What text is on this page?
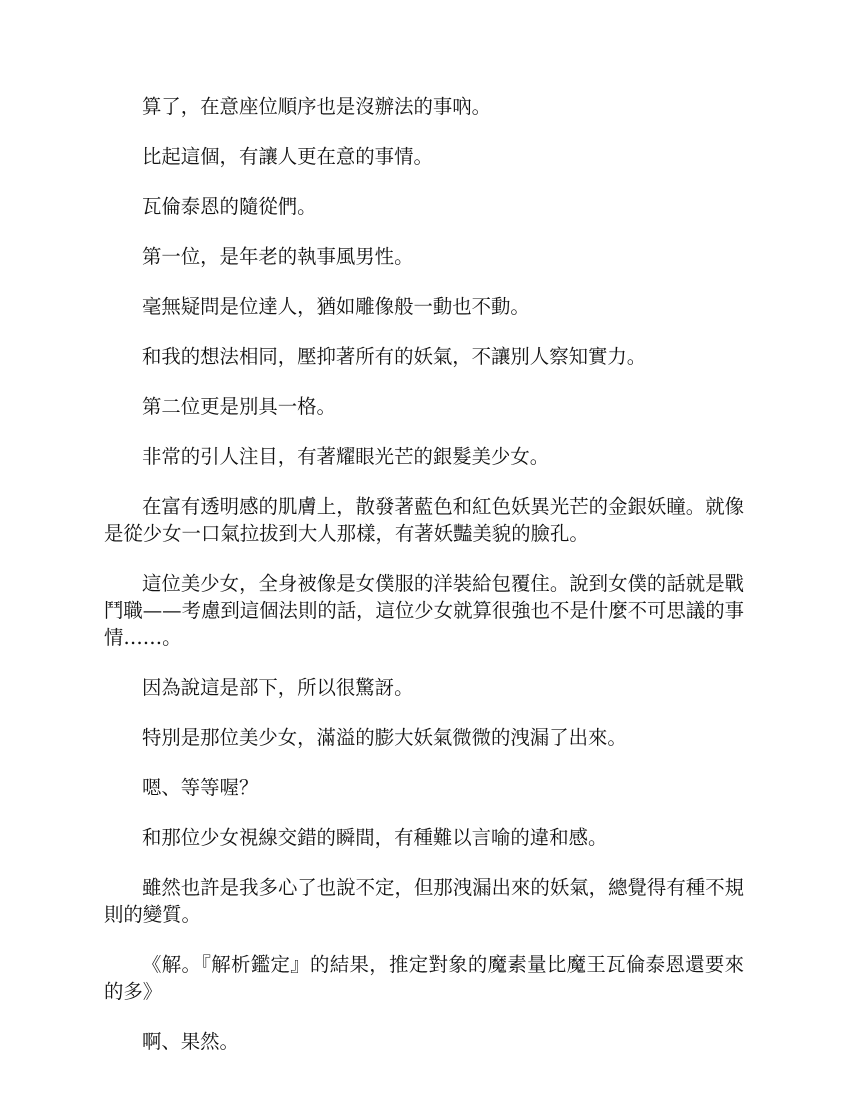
算了，在意座位順序也是沒辦法的事吶。

比起這個，有讓人更在意的事情。

瓦倫泰恩的隨從們。

第一位，是年老的執事風男性。

毫無疑問是位達人，猶如雕像般一動也不動。

和我的想法相同，壓抑著所有的妖氣，不讓別人察知實力。

第二位更是別具一格。

非常的引人注目，有著耀眼光芒的銀髮美少女。

在富有透明感的肌膚上，散發著藍色和紅色妖異光芒的金銀妖瞳。就像是從少女一口氣拉拔到大人那樣，有著妖豔美貌的臉孔。

這位美少女，全身被像是女僕服的洋裝給包覆住。說到女僕的話就是戰鬥職——考慮到這個法則的話，這位少女就算很強也不是什麼不可思議的事情……。

因為說這是部下，所以很驚訝。

特別是那位美少女，滿溢的膨大妖氣微微的洩漏了出來。

嗯、等等喔？

和那位少女視線交錯的瞬間，有種難以言喻的違和感。

雖然也許是我多心了也說不定，但那洩漏出來的妖氣，總覺得有種不規則的變質。

《解。『解析鑑定』的結果，推定對象的魔素量比魔王瓦倫泰恩還要來的多》

啊、果然。
